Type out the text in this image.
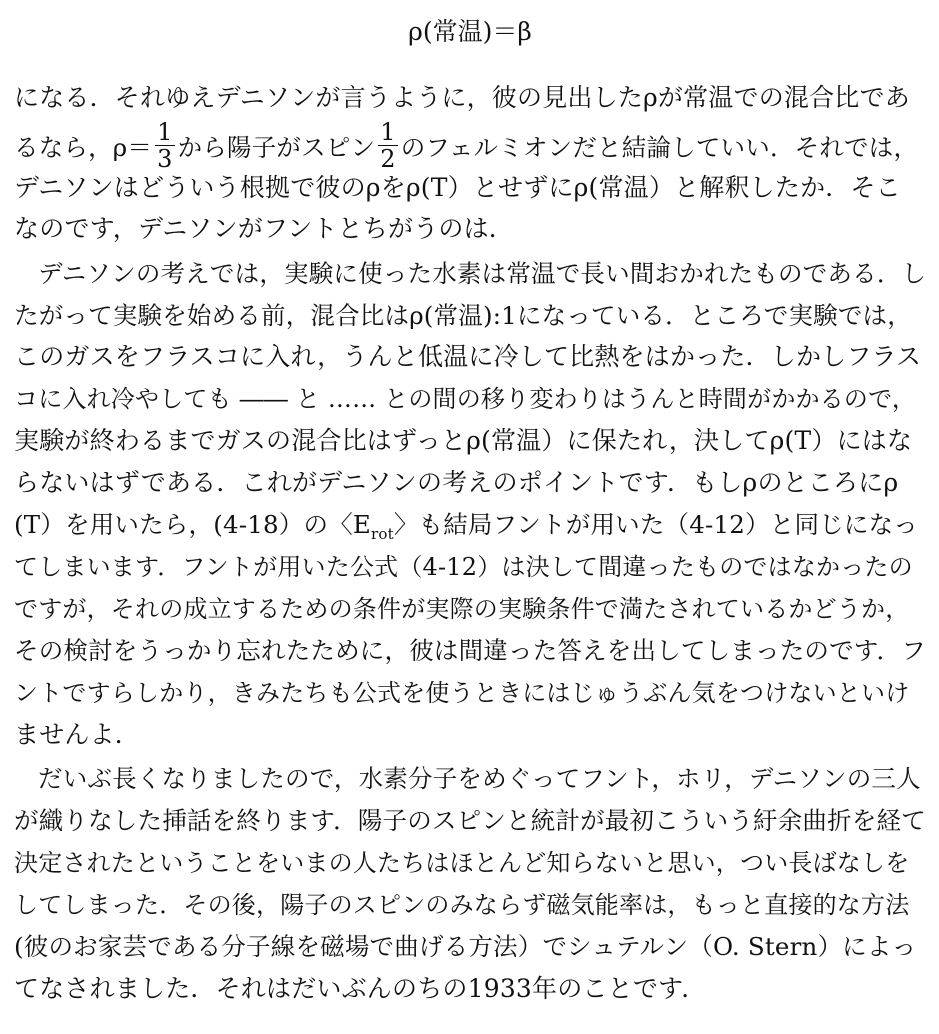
ρ(常温)＝β
になる．それゆえデニソンが言うように，彼の見出したρが常温での混合比であ
るなら，$\rho= \frac{1}{3}$ から陽子がスピン $\frac{1}{2}$ のフェルミオンだと結論していい．それでは，
デニソンはどういう根拠で彼のρをρ(T）とせずにρ(常温）と解釈したか．そこ
なのです，デニソンがフントとちがうのは．
デニソンの考えでは，実験に使った水素は常温で長い間おかれたものである．し
たがって実験を始める前，混合比はρ(常温):1になっている．ところで実験では，
このガスをフラスコに入れ，うんと低温に冷して比熱をはかった．しかしフラス
コに入れ冷やしても ―― と …… との間の移り変わりはうんと時間がかかるので，
実験が終わるまでガスの混合比はずっとρ(常温）に保たれ，決してρ(T）にはな
らないはずである．これがデニソンの考えのポイントです．もしρのところにρ
(T）を用いたら，(4-18）の〈$E_{rot}$〉も結局フントが用いた（4-12）と同じになっ
てしまいます．フントが用いた公式（4-12）は決して間違ったものではなかったの
ですが，それの成立するための条件が実際の実験条件で満たされているかどうか，
その検討をうっかり忘れたために，彼は間違った答えを出してしまったのです．フ
ントですらしかり，きみたちも公式を使うときにはじゅうぶん気をつけないといけ
ませんよ．
だいぶ長くなりましたので，水素分子をめぐってフント，ホリ，デニソンの三人
が織りなした挿話を終ります．陽子のスピンと統計が最初こういう紆余曲折を経て
決定されたということをいまの人たちはほとんど知らないと思い，つい長ばなしを
してしまった．その後，陽子のスピンのみならず磁気能率は，もっと直接的な方法
(彼のお家芸である分子線を磁場で曲げる方法）でシュテルン（O. Stern）によっ
てなされました．それはだいぶんのちの1933年のことです．
